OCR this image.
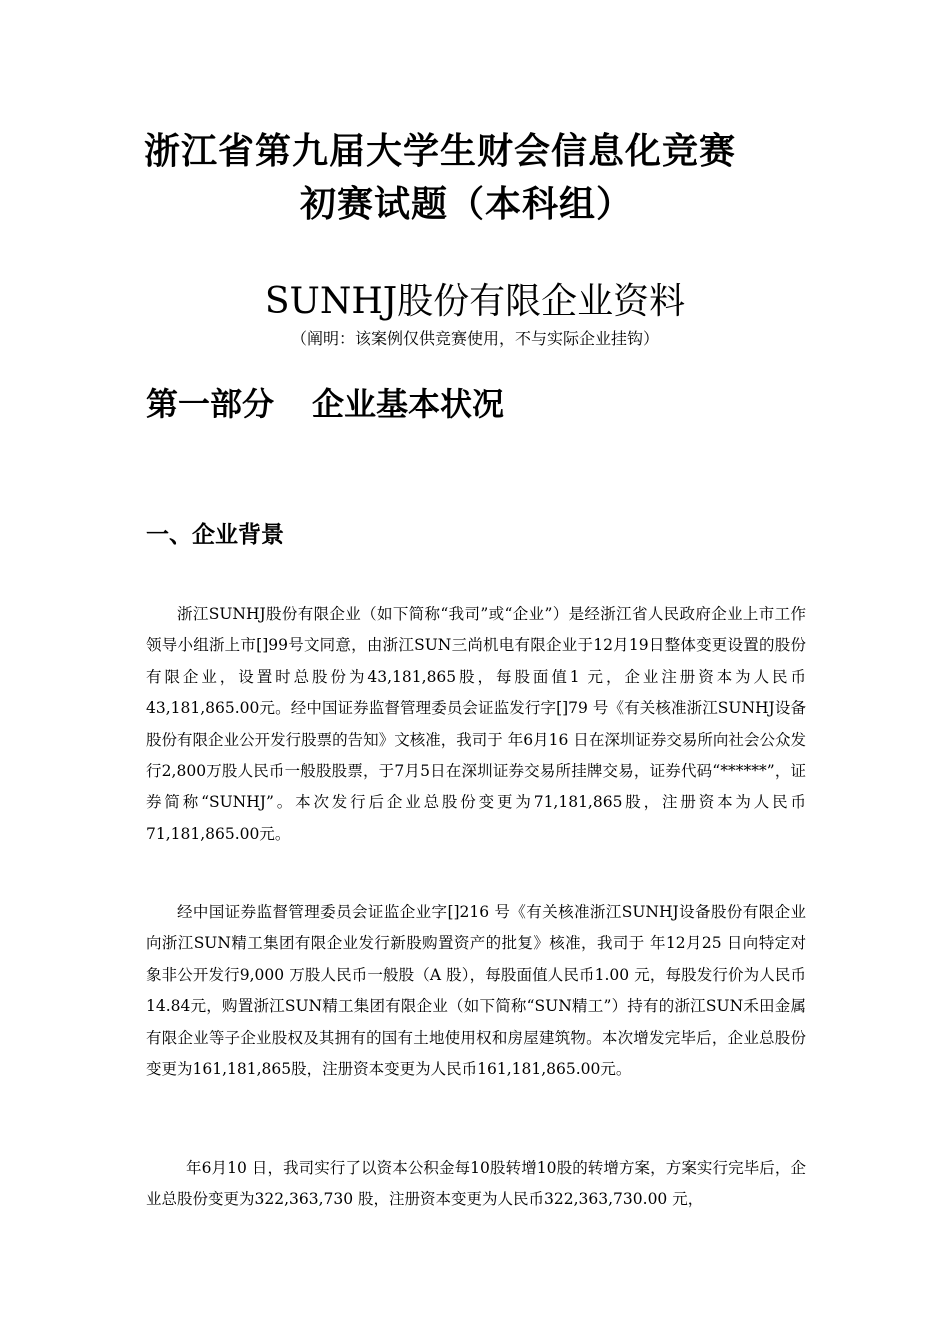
浙江省第九届大学生财会信息化竞赛
初赛试题（本科组）
SUNHJ股份有限企业资料
（阐明：该案例仅供竞赛使用，不与实际企业挂钩）
第一部分 企业基本状况
一、企业背景

浙江SUNHJ股份有限企业（如下简称“我司”或“企业”）是经浙江省人民政府企业上市工作领导小组浙上市[]99号文同意，由浙江SUN三尚机电有限企业于12月19日整体变更设置的股份有限企业，设置时总股份为43,181,865股，每股面值1 元，企业注册资本为人民币43,181,865.00元。经中国证券监督管理委员会证监发行字[]79 号《有关核准浙江SUNHJ设备股份有限企业公开发行股票的告知》文核准，我司于 年6月16 日在深圳证券交易所向社会公众发行2,800万股人民币一般股股票，于7月5日在深圳证券交易所挂牌交易，证券代码“******”，证券简称“SUNHJ”。本次发行后企业总股份变更为71,181,865股，注册资本为人民币71,181,865.00元。

经中国证券监督管理委员会证监企业字[]216 号《有关核准浙江SUNHJ设备股份有限企业向浙江SUN精工集团有限企业发行新股购置资产的批复》核准，我司于 年12月25 日向特定对象非公开发行9,000 万股人民币一般股（A 股），每股面值人民币1.00 元，每股发行价为人民币14.84元，购置浙江SUN精工集团有限企业（如下简称“SUN精工”）持有的浙江SUN禾田金属有限企业等子企业股权及其拥有的国有土地使用权和房屋建筑物。本次增发完毕后，企业总股份变更为161,181,865股，注册资本变更为人民币161,181,865.00元。

年6月10 日，我司实行了以资本公积金每10股转增10股的转增方案，方案实行完毕后，企业总股份变更为322,363,730 股，注册资本变更为人民币322,363,730.00 元，
